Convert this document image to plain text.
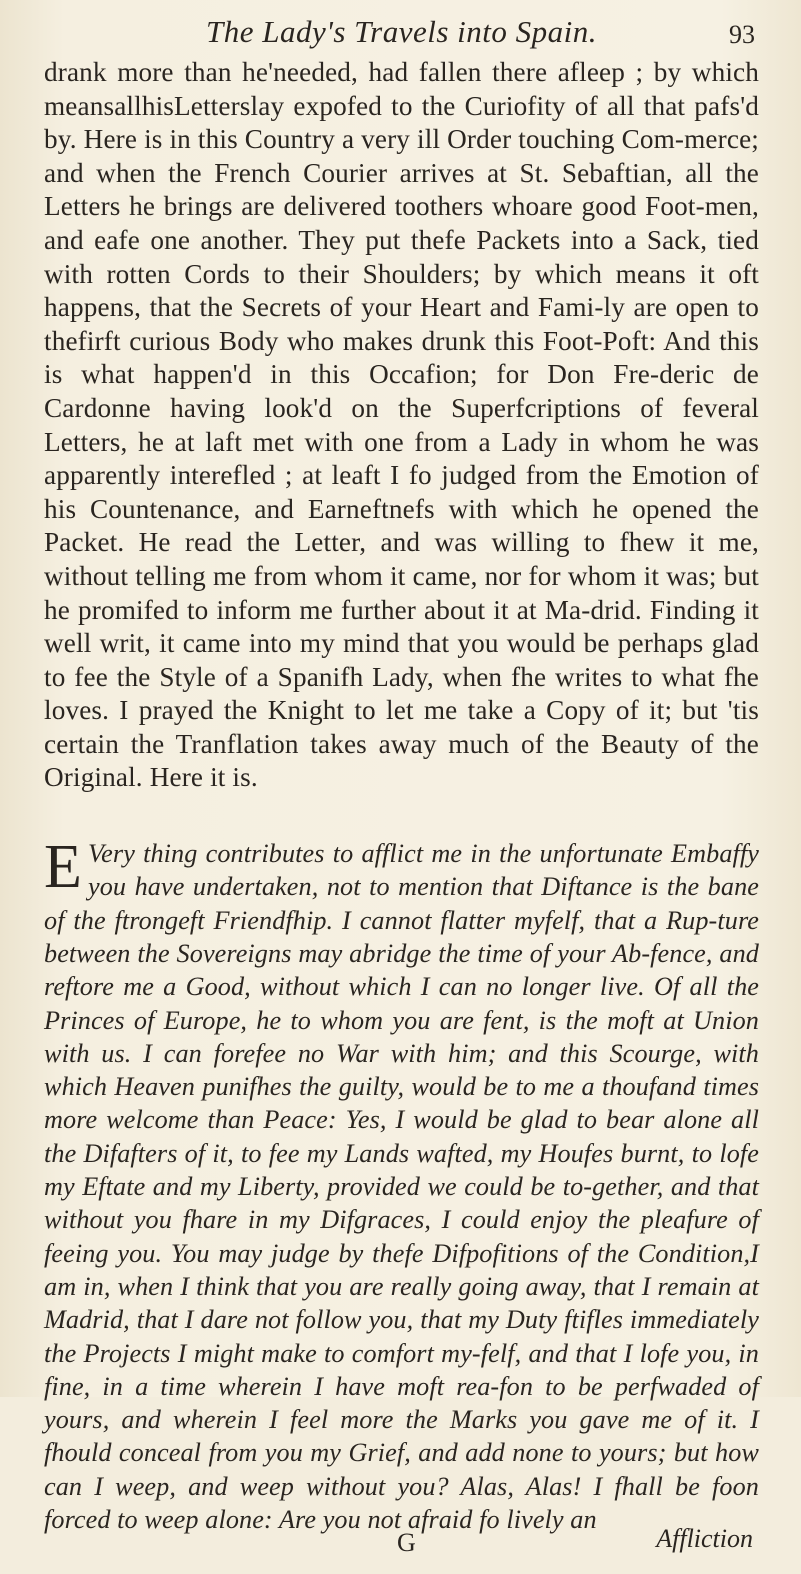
The Lady's Travels into Spain.	93

drank more than he'needed, had fallen there afleep ; by which meansallhisLetterslay expofed to the Curiofity of all that pafs'd by. Here is in this Country a very ill Order touching Com-merce; and when the French Courier arrives at St. Sebaftian, all the Letters he brings are delivered toothers whoare good Foot-men, and eafe one another. They put thefe Packets into a Sack, tied with rotten Cords to their Shoulders; by which means it oft happens, that the Secrets of your Heart and Fami-ly are open to thefirft curious Body who makes drunk this Foot-Poft: And this is what happen'd in this Occafion; for Don Fre-deric de Cardonne having look'd on the Superfcriptions of feveral Letters, he at laft met with one from a Lady in whom he was apparently interefled ; at leaft I fo judged from the Emotion of his Countenance, and Earneftnefs with which he opened the Packet. He read the Letter, and was willing to fhew it me, without telling me from whom it came, nor for whom it was; but he promifed to inform me further about it at Ma-drid. Finding it well writ, it came into my mind that you would be perhaps glad to fee the Style of a Spanifh Lady, when fhe writes to what fhe loves. I prayed the Knight to let me take a Copy of it; but 'tis certain the Tranflation takes away much of the Beauty of the Original. Here it is.

E Very thing contributes to afflict me in the unfortunate Embaffy you have undertaken, not to mention that Diftance is the bane of the ftrongeft Friendfhip. I cannot flatter myfelf, that a Rup-ture between the Sovereigns may abridge the time of your Ab-fence, and reftore me a Good, without which I can no longer live. Of all the Princes of Europe, he to whom you are fent, is the moft at Union with us. I can forefee no War with him; and this Scourge, with which Heaven punifhes the guilty, would be to me a thoufand times more welcome than Peace: Yes, I would be glad to bear alone all the Difafters of it, to fee my Lands wafted, my Houfes burnt, to lofe my Eftate and my Liberty, provided we could be to-gether, and that without you fhare in my Difgraces, I could enjoy the pleafure of feeing you. You may judge by thefe Difpofitions of the Condition,I am in, when I think that you are really going away, that I remain at Madrid, that I dare not follow you, that my Duty ftifles immediately the Projects I might make to comfort my-felf, and that I lofe you, in fine, in a time wherein I have moft rea-fon to be perfwaded of yours, and wherein I feel more the Marks you gave me of it. I fhould conceal from you my Grief, and add none to yours; but how can I weep, and weep without you? Alas, Alas! I fhall be foon forced to weep alone: Are you not afraid fo lively an

G	Affliction
